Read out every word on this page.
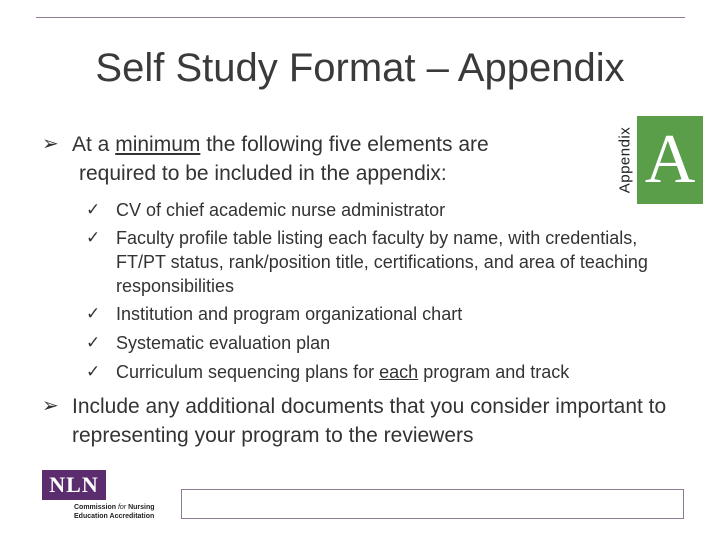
Self Study Format – Appendix
Appendix A
➢ At a minimum the following five elements are
required to be included in the appendix:
✓ CV of chief academic nurse administrator
✓ Faculty profile table listing each faculty by name, with credentials, FT/PT status, rank/position title, certifications, and area of teaching responsibilities
✓ Institution and program organizational chart
✓ Systematic evaluation plan
✓ Curriculum sequencing plans for each program and track
➢ Include any additional documents that you consider important to representing your program to the reviewers
NLN
Commission for Nursing
Education Accreditation
